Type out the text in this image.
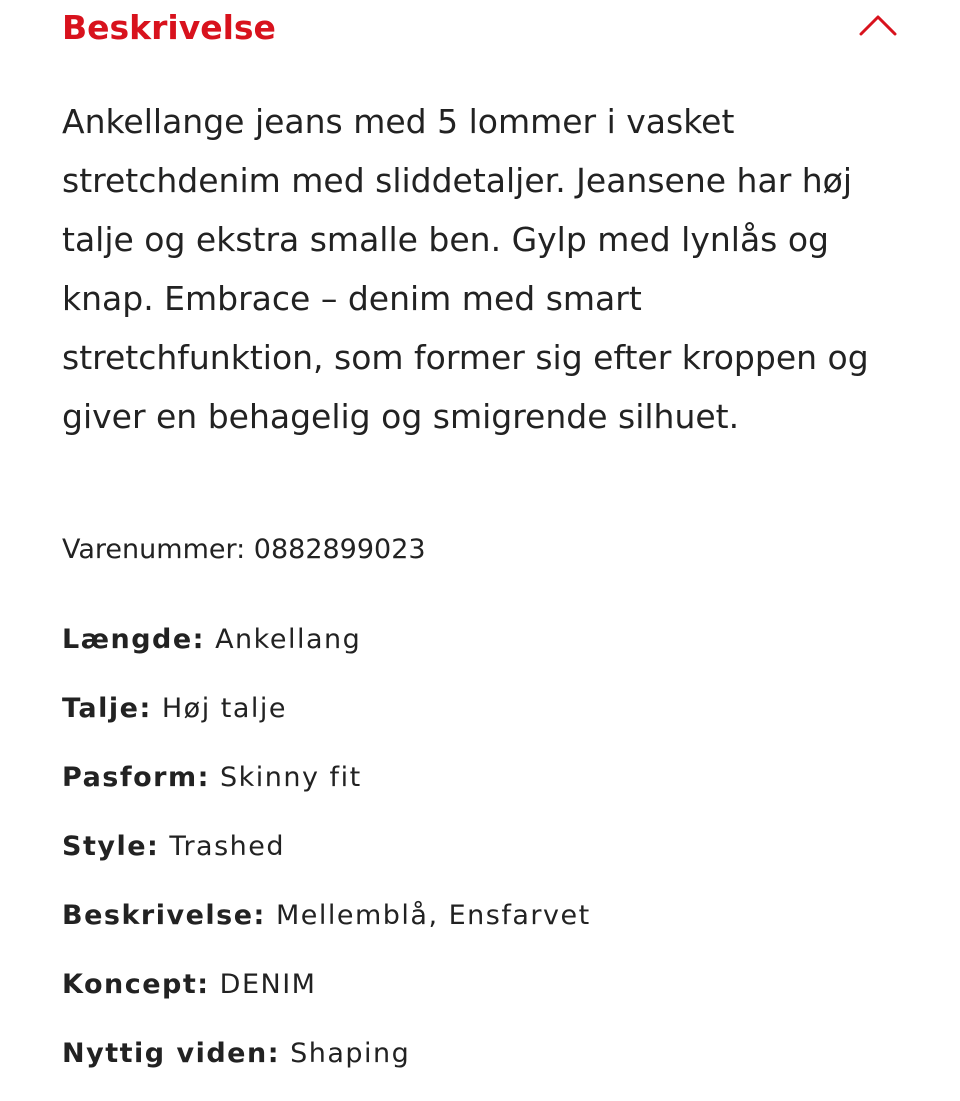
Beskrivelse

Ankellange jeans med 5 lommer i vasket stretchdenim med sliddetaljer. Jeansene har høj talje og ekstra smalle ben. Gylp med lynlås og knap. Embrace – denim med smart stretchfunktion, som former sig efter kroppen og giver en behagelig og smigrende silhuet.

Varenummer: 0882899023
Længde: Ankellang
Talje: Høj talje
Pasform: Skinny fit
Style: Trashed
Beskrivelse: Mellemblå, Ensfarvet
Koncept: DENIM
Nyttig viden: Shaping
